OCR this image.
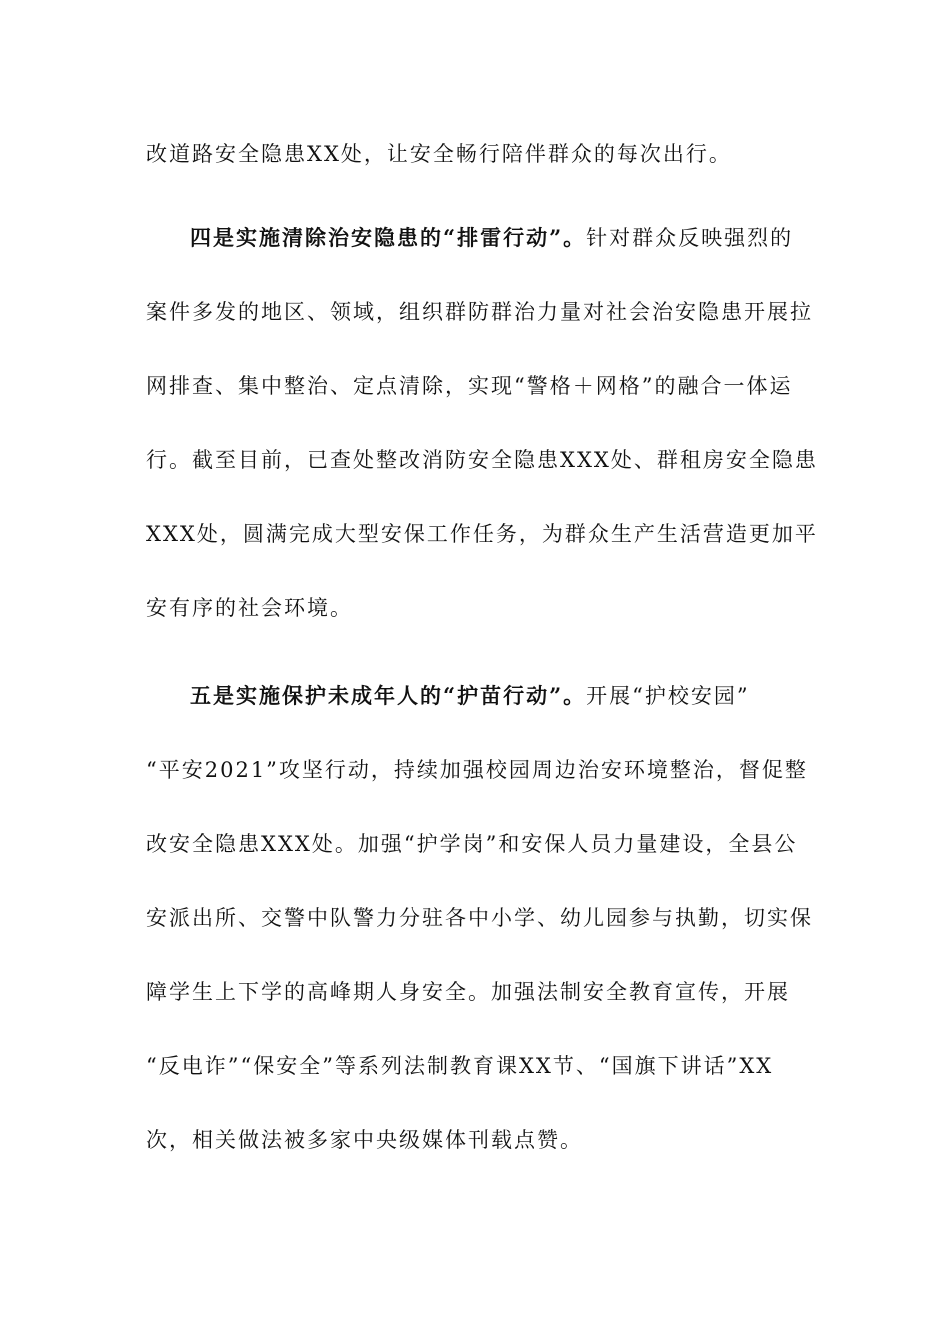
改道路安全隐患XX处，让安全畅行陪伴群众的每次出行。
四是实施清除治安隐患的“排雷行动”。针对群众反映强烈的
案件多发的地区、领域，组织群防群治力量对社会治安隐患开展拉
网排查、集中整治、定点清除，实现“警格＋网格”的融合一体运
行。截至目前，已查处整改消防安全隐患XXX处、群租房安全隐患
XXX处，圆满完成大型安保工作任务，为群众生产生活营造更加平
安有序的社会环境。
五是实施保护未成年人的“护苗行动”。开展“护校安园”
“平安2021”攻坚行动，持续加强校园周边治安环境整治，督促整
改安全隐患XXX处。加强“护学岗”和安保人员力量建设，全县公
安派出所、交警中队警力分驻各中小学、幼儿园参与执勤，切实保
障学生上下学的高峰期人身安全。加强法制安全教育宣传，开展
“反电诈”“保安全”等系列法制教育课XX节、“国旗下讲话”XX
次，相关做法被多家中央级媒体刊载点赞。
